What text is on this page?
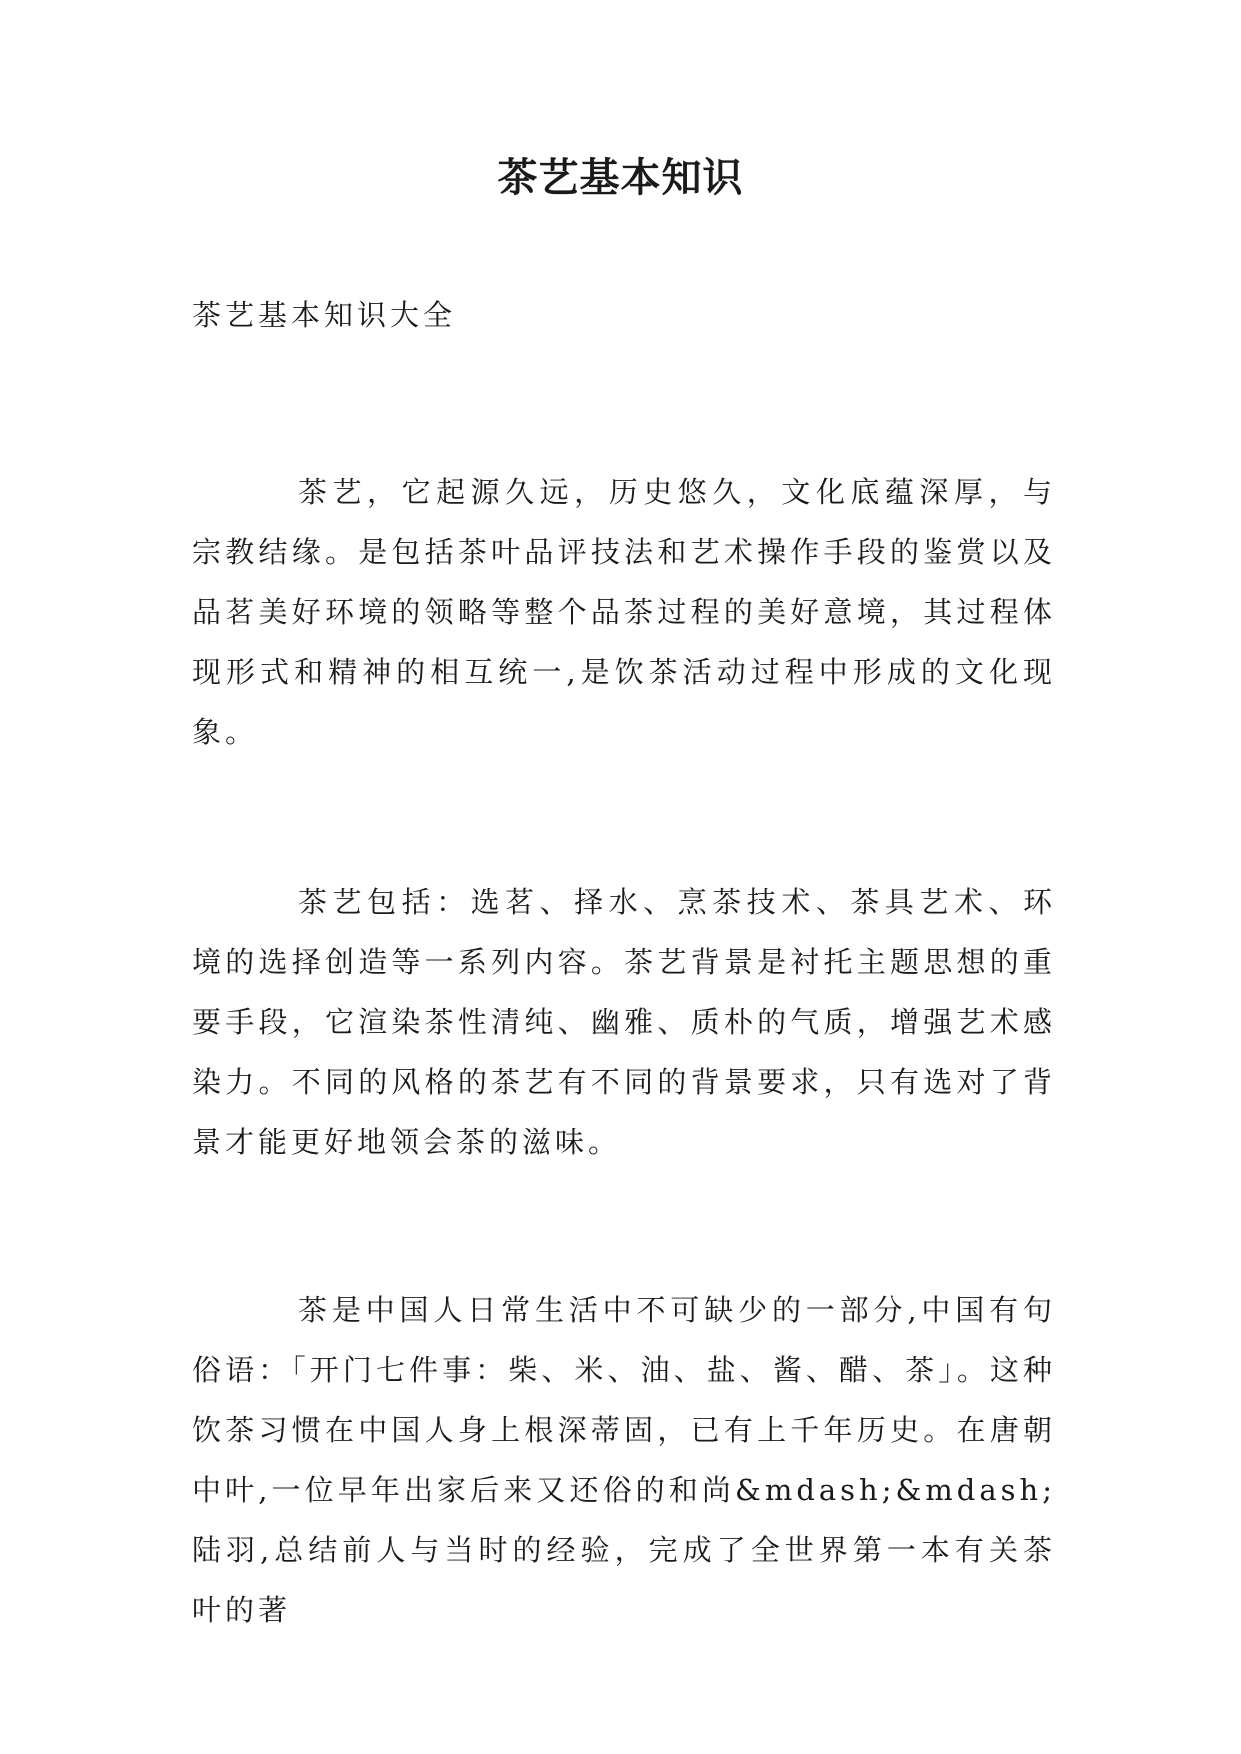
茶艺基本知识
茶艺基本知识大全

茶艺，它起源久远，历史悠久，文化底蕴深厚，与宗教结缘。是包括茶叶品评技法和艺术操作手段的鉴赏以及品茗美好环境的领略等整个品茶过程的美好意境，其过程体现形式和精神的相互统一,是饮茶活动过程中形成的文化现象。

茶艺包括：选茗、择水、烹茶技术、茶具艺术、环境的选择创造等一系列内容。茶艺背景是衬托主题思想的重要手段，它渲染茶性清纯、幽雅、质朴的气质，增强艺术感染力。不同的风格的茶艺有不同的背景要求，只有选对了背景才能更好地领会茶的滋味。

茶是中国人日常生活中不可缺少的一部分,中国有句俗语：「开门七件事：柴、米、油、盐、酱、醋、茶」。这种饮茶习惯在中国人身上根深蒂固，已有上千年历史。在唐朝中叶,一位早年出家后来又还俗的和尚&mdash;&mdash;陆羽,总结前人与当时的经验，完成了全世界第一本有关茶叶的著
